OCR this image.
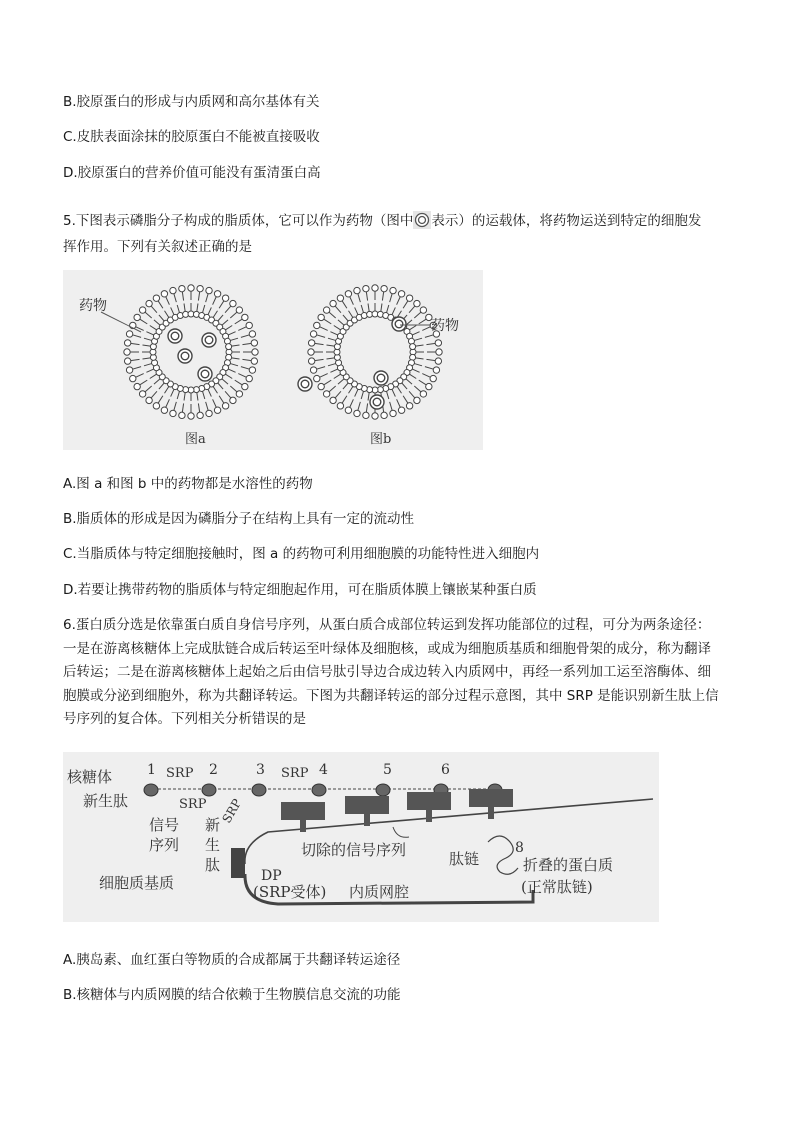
B.胶原蛋白的形成与内质网和高尔基体有关
C.皮肤表面涂抹的胶原蛋白不能被直接吸收
D.胶原蛋白的营养价值可能没有蛋清蛋白高
5.下图表示磷脂分子构成的脂质体，它可以作为药物（图中 表示）的运载体，将药物运送到特定的细胞发
挥作用。下列有关叙述正确的是
药物
药物
图a	图b
A.图 a 和图 b 中的药物都是水溶性的药物
B.脂质体的形成是因为磷脂分子在结构上具有一定的流动性
C.当脂质体与特定细胞接触时，图 a 的药物可利用细胞膜的功能特性进入细胞内
D.若要让携带药物的脂质体与特定细胞起作用，可在脂质体膜上镶嵌某种蛋白质
6.蛋白质分选是依靠蛋白质自身信号序列，从蛋白质合成部位转运到发挥功能部位的过程，可分为两条途径：
一是在游离核糖体上完成肽链合成后转运至叶绿体及细胞核，或成为细胞质基质和细胞骨架的成分，称为翻译
后转运；二是在游离核糖体上起始之后由信号肽引导边合成边转入内质网中，再经一系列加工运至溶酶体、细
胞膜或分泌到细胞外，称为共翻译转运。下图为共翻译转运的部分过程示意图，其中 SRP 是能识别新生肽上信
号序列的复合体。下列相关分析错误的是
1	2	3	4	5	6
8
SRP	SRP
SRP SRP
核糖体
新生肽
信号序列
新生肽
细胞质基质
切除的信号序列	肽链	折叠的蛋白质
(正常肽链)
DP
(SRP受体) 内质网腔
A.胰岛素、血红蛋白等物质的合成都属于共翻译转运途径
B.核糖体与内质网膜的结合依赖于生物膜信息交流的功能
